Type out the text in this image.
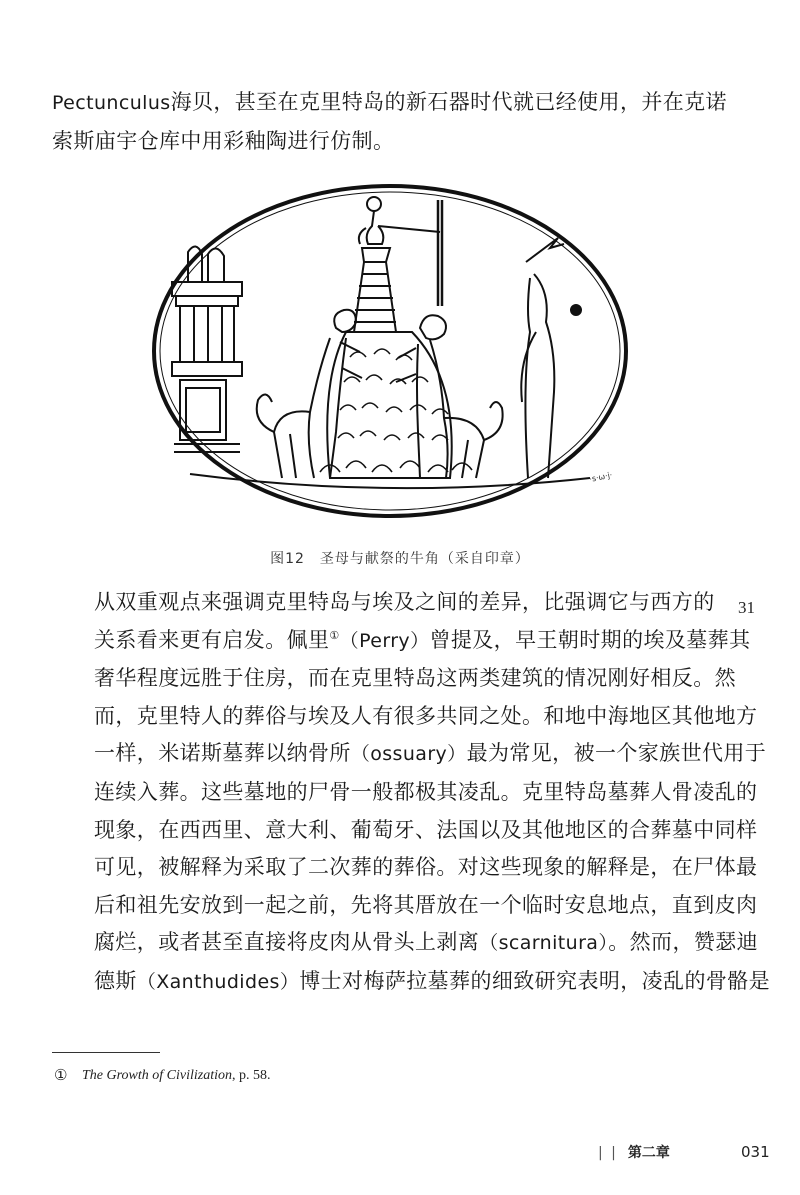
Pectunculus海贝，甚至在克里特岛的新石器时代就已经使用，并在克诺
索斯庙宇仓库中用彩釉陶进行仿制。

·s·ω·j·
图12　圣母与献祭的牛角（采自印章）

从双重观点来强调克里特岛与埃及之间的差异，比强调它与西方的
关系看来更有启发。佩里①（Perry）曾提及，早王朝时期的埃及墓葬其
奢华程度远胜于住房，而在克里特岛这两类建筑的情况刚好相反。然
而，克里特人的葬俗与埃及人有很多共同之处。和地中海地区其他地方
一样，米诺斯墓葬以纳骨所（ossuary）最为常见，被一个家族世代用于
连续入葬。这些墓地的尸骨一般都极其凌乱。克里特岛墓葬人骨凌乱的
现象，在西西里、意大利、葡萄牙、法国以及其他地区的合葬墓中同样
可见，被解释为采取了二次葬的葬俗。对这些现象的解释是，在尸体最
后和祖先安放到一起之前，先将其厝放在一个临时安息地点，直到皮肉
腐烂，或者甚至直接将皮肉从骨头上剥离（scarnitura）。然而，赞瑟迪
德斯（Xanthudides）博士对梅萨拉墓葬的细致研究表明，凌乱的骨骼是

31
① The Growth of Civilization, p. 58.
| | 第二章	031
